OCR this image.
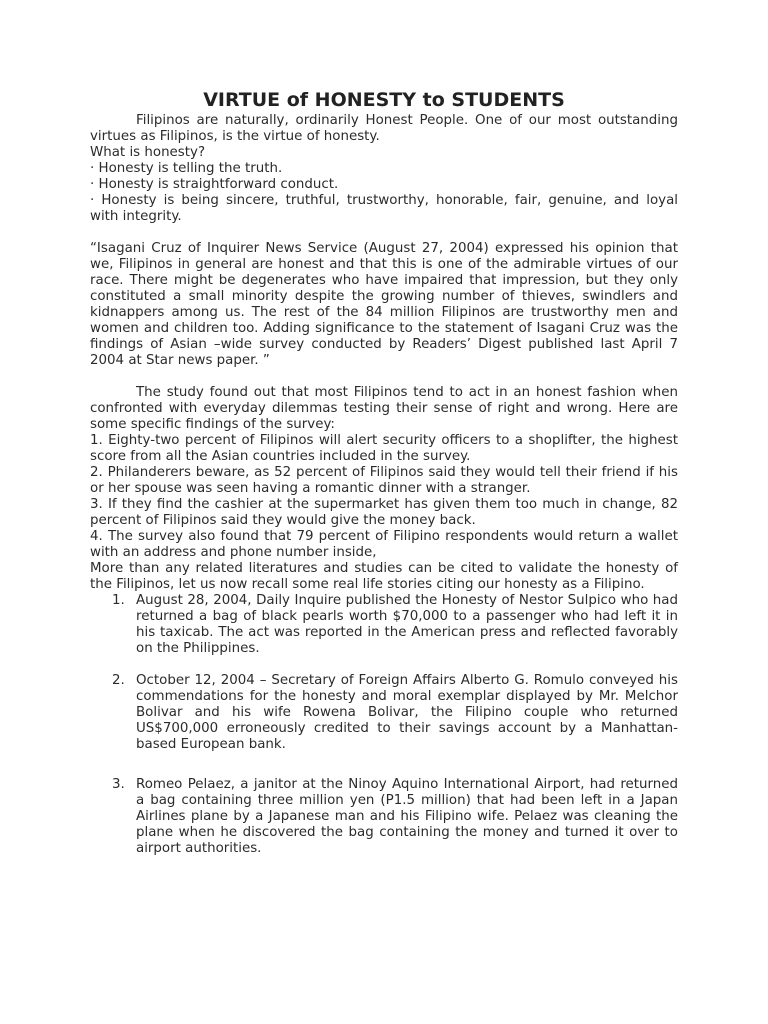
VIRTUE of HONESTY to STUDENTS

Filipinos are naturally, ordinarily Honest People. One of our most outstanding virtues as Filipinos, is the virtue of honesty.

What is honesty?

· Honesty is telling the truth.

· Honesty is straightforward conduct.

· Honesty is being sincere, truthful, trustworthy, honorable, fair, genuine, and loyal with integrity.

“Isagani Cruz of Inquirer News Service (August 27, 2004) expressed his opinion that we, Filipinos in general are honest and that this is one of the admirable virtues of our race. There might be degenerates who have impaired that impression, but they only constituted a small minority despite the growing number of thieves, swindlers and kidnappers among us. The rest of the 84 million Filipinos are trustworthy men and women and children too. Adding significance to the statement of Isagani Cruz was the findings of Asian –wide survey conducted by Readers’ Digest published last April 7 2004 at Star news paper. ”

The study found out that most Filipinos tend to act in an honest fashion when confronted with everyday dilemmas testing their sense of right and wrong. Here are some specific findings of the survey:

1. Eighty-two percent of Filipinos will alert security officers to a shoplifter, the highest score from all the Asian countries included in the survey.

2. Philanderers beware, as 52 percent of Filipinos said they would tell their friend if his or her spouse was seen having a romantic dinner with a stranger.

3. If they find the cashier at the supermarket has given them too much in change, 82 percent of Filipinos said they would give the money back.

4. The survey also found that 79 percent of Filipino respondents would return a wallet with an address and phone number inside,

More than any related literatures and studies can be cited to validate the honesty of the Filipinos, let us now recall some real life stories citing our honesty as a Filipino.

1. August 28, 2004, Daily Inquire published the Honesty of Nestor Sulpico who had returned a bag of black pearls worth $70,000 to a passenger who had left it in his taxicab. The act was reported in the American press and reflected favorably on the Philippines.
2. October 12, 2004 – Secretary of Foreign Affairs Alberto G. Romulo conveyed his commendations for the honesty and moral exemplar displayed by Mr. Melchor Bolivar and his wife Rowena Bolivar, the Filipino couple who returned US$700,000 erroneously credited to their savings account by a Manhattan-based European bank.
3. Romeo Pelaez, a janitor at the Ninoy Aquino International Airport, had returned a bag containing three million yen (P1.5 million) that had been left in a Japan Airlines plane by a Japanese man and his Filipino wife. Pelaez was cleaning the plane when he discovered the bag containing the money and turned it over to airport authorities.
